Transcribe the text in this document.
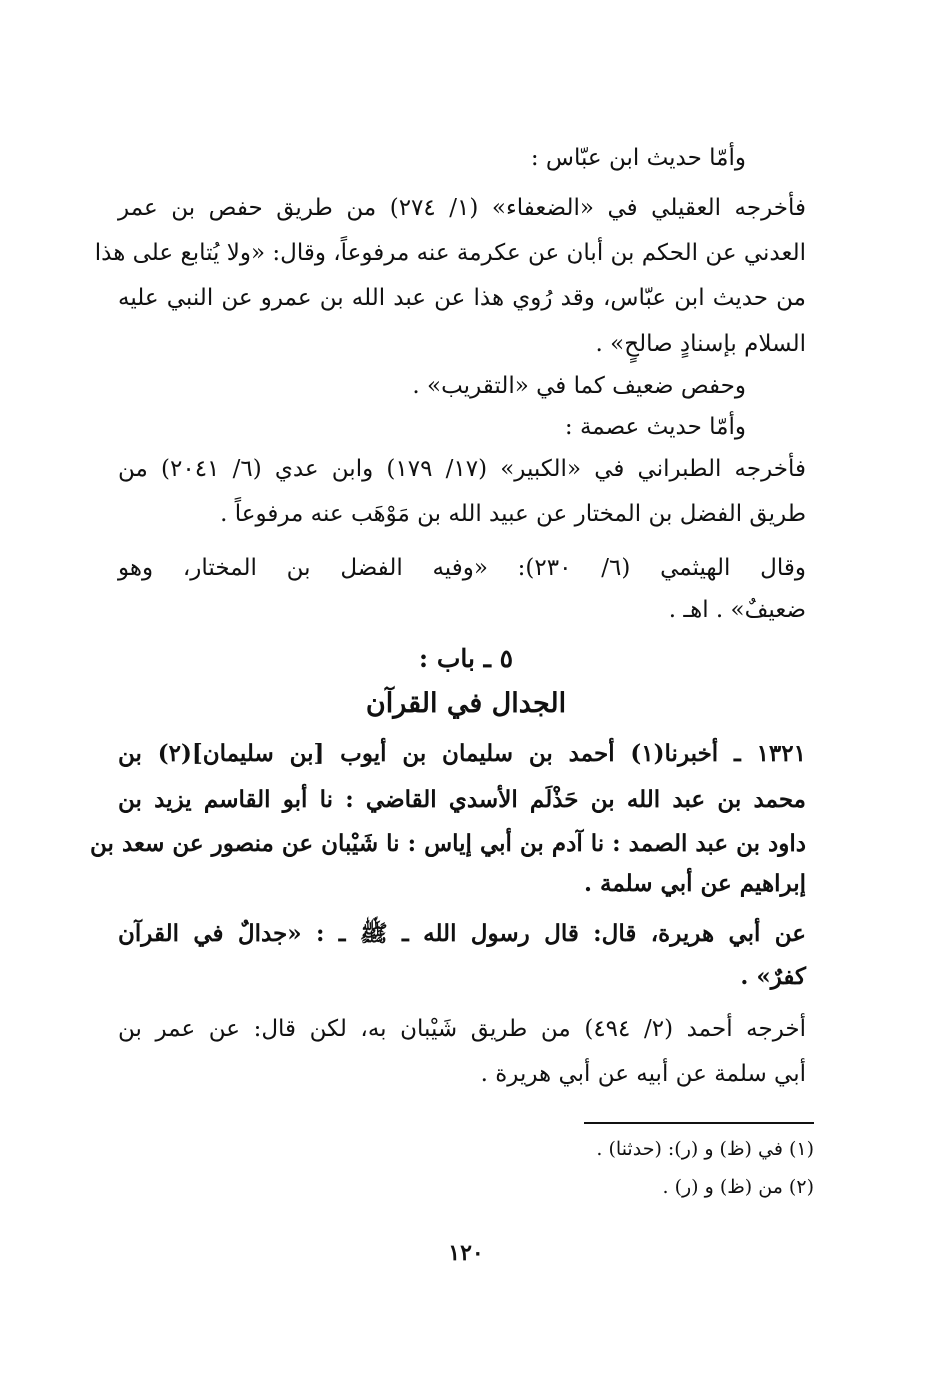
وأمّا حديث ابن عبّاس :
فأخرجه العقيلي في «الضعفاء» (١/ ٢٧٤) من طريق حفص بن عمر
العدني عن الحكم بن أبان عن عكرمة عنه مرفوعاً، وقال: «ولا يُتابع على هذا
من حديث ابن عبّاس، وقد رُوي هذا عن عبد الله بن عمرو عن النبي عليه
السلام بإسنادٍ صالحٍ» .
وحفص ضعيف كما في «التقريب» .
وأمّا حديث عصمة :
فأخرجه الطبراني في «الكبير» (١٧/ ١٧٩) وابن عدي (٦/ ٢٠٤١) من
طريق الفضل بن المختار عن عبيد الله بن مَوْهَب عنه مرفوعاً .
وقال الهيثمي (٦/ ٢٣٠): «وفيه الفضل بن المختار، وهو
ضعيفٌ» . اهـ .
٥ ـ باب :
الجدال في القرآن
١٣٢١ ـ أخبرنا(١) أحمد بن سليمان بن أيوب [بن سليمان](٢) بن
محمد بن عبد الله بن حَذْلَم الأسدي القاضي : نا أبو القاسم يزيد بن
داود بن عبد الصمد : نا آدم بن أبي إياس : نا شَيْبان عن منصور عن سعد بن
إبراهيم عن أبي سلمة .
عن أبي هريرة، قال: قال رسول الله ـ ﷺ ـ : «جدالٌ في القرآن
كفرٌ» .
أخرجه أحمد (٢/ ٤٩٤) من طريق شَيْبان به، لكن قال: عن عمر بن
أبي سلمة عن أبيه عن أبي هريرة .
(١) في (ظ) و (ر): (حدثنا) .
(٢) من (ظ) و (ر) .
١٢٠
